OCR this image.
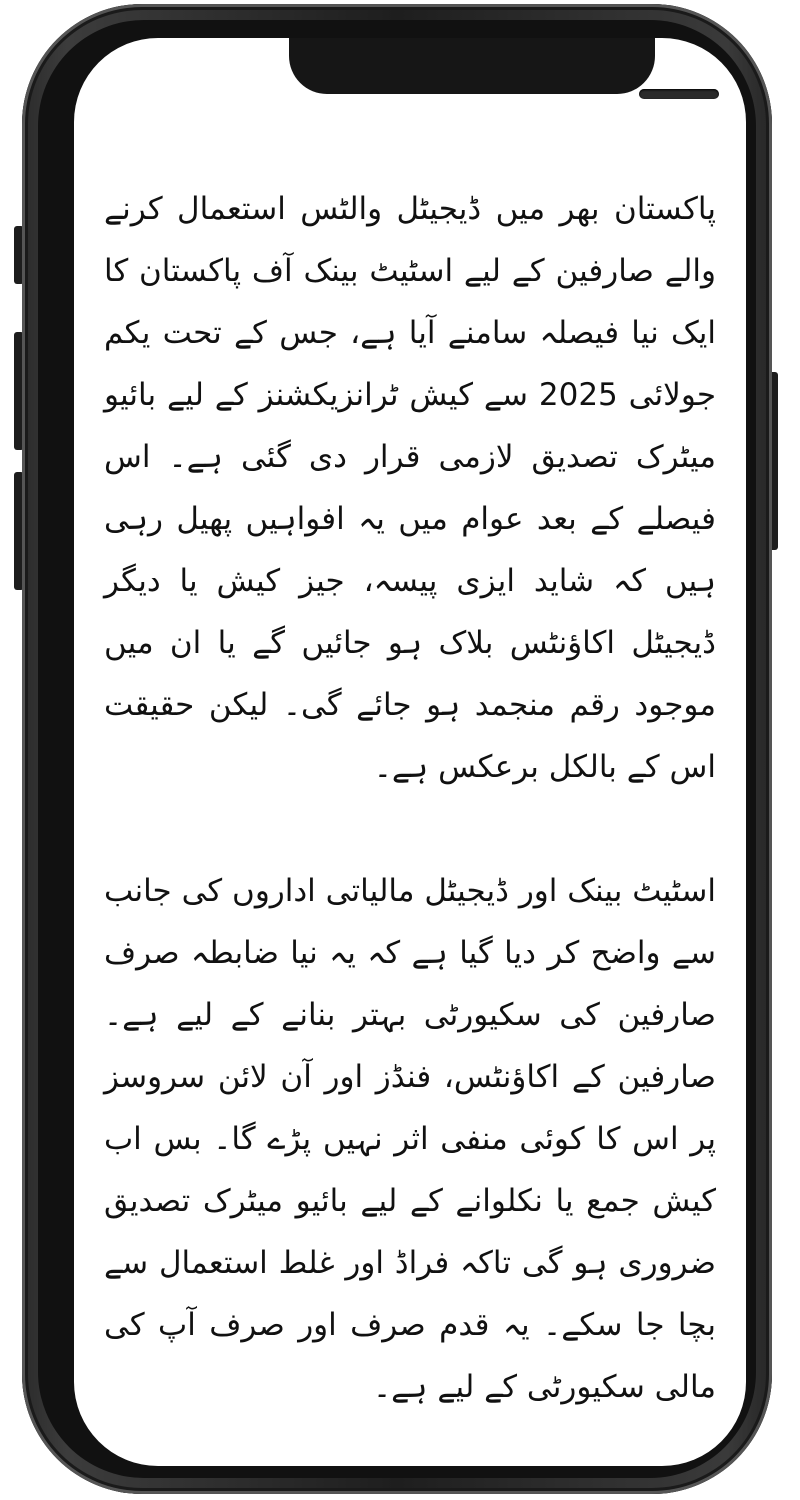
پاکستان بھر میں ڈیجیٹل والٹس استعمال کرنے والے صارفین کے لیے اسٹیٹ بینک آف پاکستان کا ایک نیا فیصلہ سامنے آیا ہے، جس کے تحت یکم جولائی 2025 سے کیش ٹرانزیکشنز کے لیے بائیو میٹرک تصدیق لازمی قرار دی گئی ہے۔ اس فیصلے کے بعد عوام میں یہ افواہیں پھیل رہی ہیں کہ شاید ایزی پیسہ، جیز کیش یا دیگر ڈیجیٹل اکاؤنٹس بلاک ہو جائیں گے یا ان میں موجود رقم منجمد ہو جائے گی۔ لیکن حقیقت اس کے بالکل برعکس ہے۔

اسٹیٹ بینک اور ڈیجیٹل مالیاتی اداروں کی جانب سے واضح کر دیا گیا ہے کہ یہ نیا ضابطہ صرف صارفین کی سکیورٹی بہتر بنانے کے لیے ہے۔ صارفین کے اکاؤنٹس، فنڈز اور آن لائن سروسز پر اس کا کوئی منفی اثر نہیں پڑے گا۔ بس اب کیش جمع یا نکلوانے کے لیے بائیو میٹرک تصدیق ضروری ہو گی تاکہ فراڈ اور غلط استعمال سے بچا جا سکے۔ یہ قدم صرف اور صرف آپ کی مالی سکیورٹی کے لیے ہے۔
